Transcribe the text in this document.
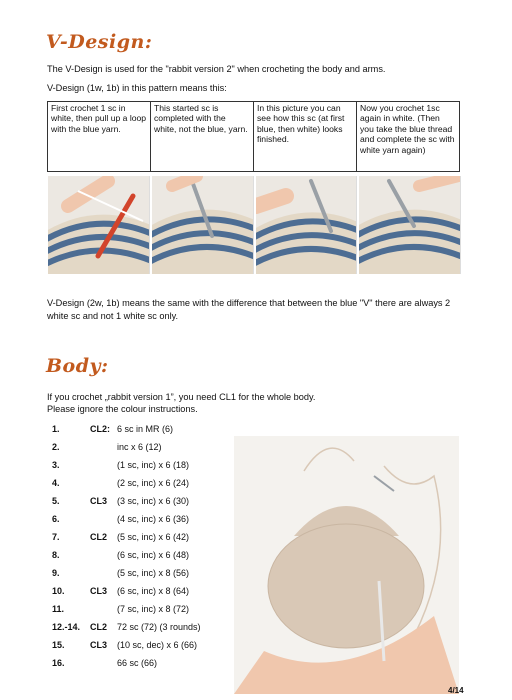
V-Design:
The V-Design is used for the "rabbit version 2" when crocheting the body and arms.
V-Design (1w, 1b) in this pattern means this:
First crochet 1 sc in white, then pull up a loop with the blue yarn.	This started sc is completed with the white, not the blue, yarn.	In this picture you can see how this sc (at first blue, then white) looks finished.	Now you crochet 1sc again in white. (Then you take the blue thread and complete the sc with white yarn again)
V-Design (2w, 1b) means the same with the difference that between the blue "V" there are always 2 white sc and not 1 white sc only.
Body:
If you crochet „rabbit version 1”, you need CL1 for the whole body.
Please ignore the colour instructions.
1.	CL2: 6 sc in MR (6)
2.	inc x 6 (12)
3.	(1 sc, inc) x 6 (18)
4.	(2 sc, inc) x 6 (24)
5.	CL3 (3 sc, inc) x 6 (30)
6.	(4 sc, inc) x 6 (36)
7.	CL2 (5 sc, inc) x 6 (42)
8.	(6 sc, inc) x 6 (48)
9.	(5 sc, inc) x 8 (56)
10.	CL3 (6 sc, inc) x 8 (64)
11.	(7 sc, inc) x 8 (72)
12.-14. CL2 72 sc (72) (3 rounds)
15.	CL3 (10 sc, dec) x 6 (66)
16.	66 sc (66)
4/14
